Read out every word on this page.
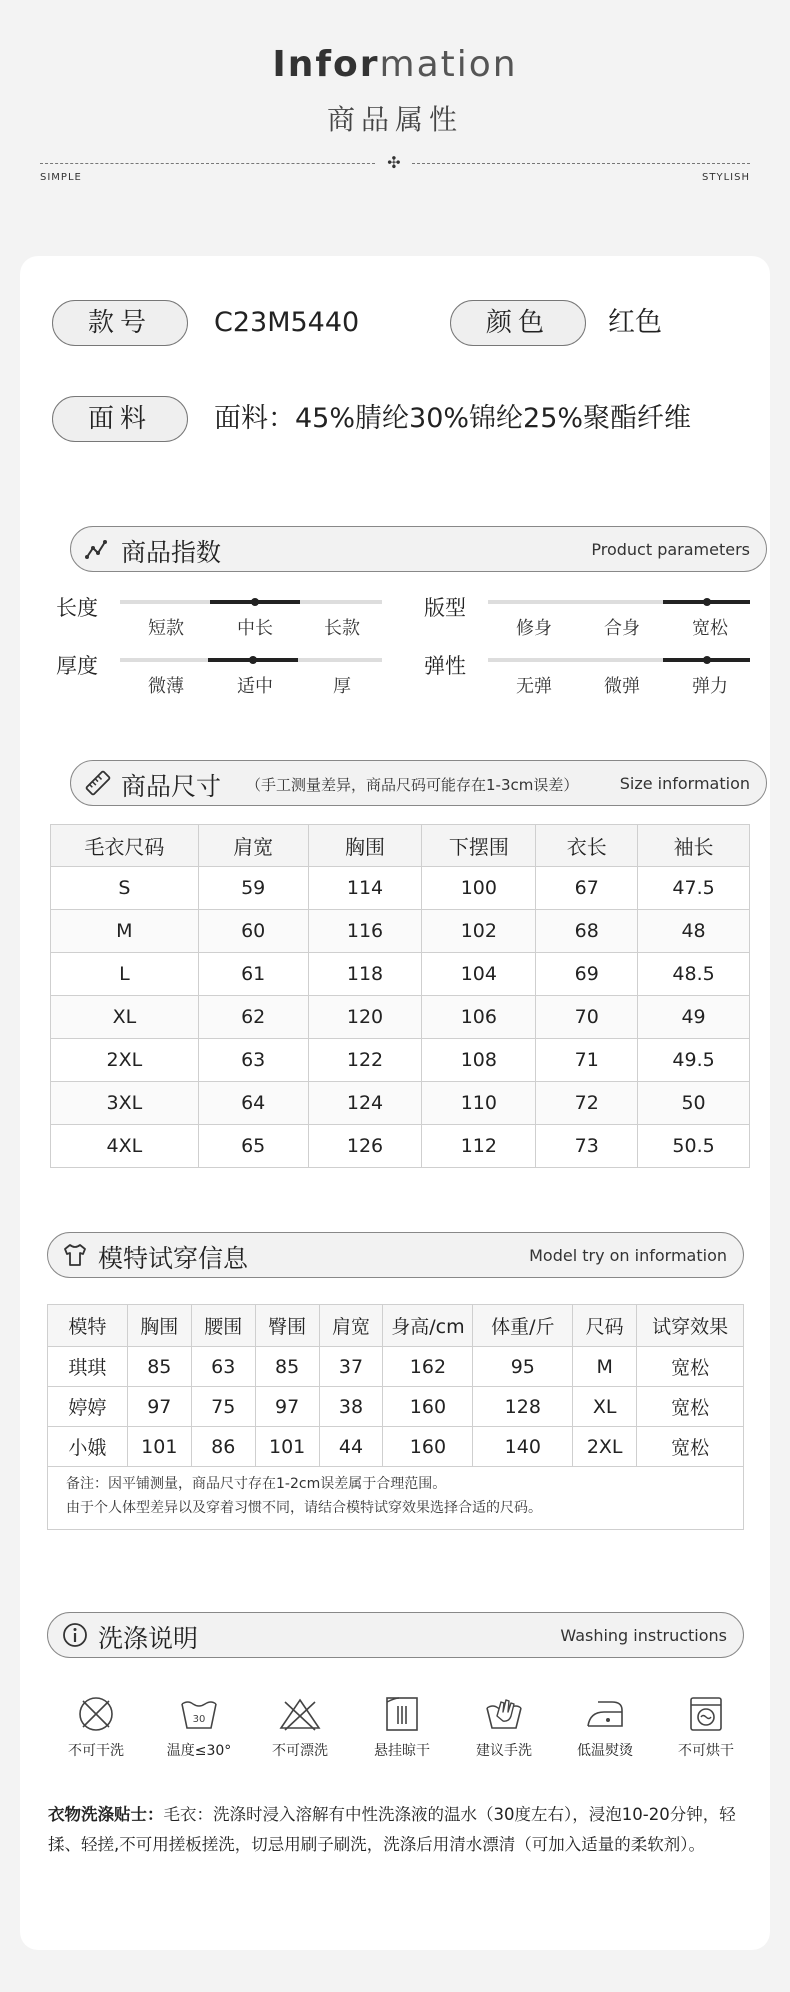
Information
商品属性
✣
SIMPLE	STYLISH
款号	C23M5440	颜色	红色
面料	面料：45%腈纶30%锦纶25%聚酯纤维
商品指数	Product parameters
长度
短款	中长	长款
版型
修身	合身	宽松
厚度
微薄	适中	厚
弹性
无弹	微弹	弹力
商品尺寸 （手工测量差异，商品尺码可能存在1-3cm误差）	Size information
毛衣尺码	肩宽	胸围	下摆围	衣长	袖长
S	59	114	100	67	47.5
M	60	116	102	68	48
L	61	118	104	69	48.5
XL	62	120	106	70	49
2XL	63	122	108	71	49.5
3XL	64	124	110	72	50
4XL	65	126	112	73	50.5
模特试穿信息	Model try on information
模特	胸围	腰围	臀围	肩宽	身高/cm	体重/斤	尺码	试穿效果
琪琪	85	63	85	37	162	95	M	宽松
婷婷	97	75	97	38	160	128	XL	宽松
小娥	101	86	101	44	160	140	2XL	宽松
备注：因平铺测量，商品尺寸存在1-2cm误差属于合理范围。
由于个人体型差异以及穿着习惯不同，请结合模特试穿效果选择合适的尺码。
洗涤说明	Washing instructions
不可干洗
30
温度≤30°	不可漂洗	悬挂晾干	建议手洗	低温熨烫	不可烘干
衣物洗涤贴士：毛衣：洗涤时浸入溶解有中性洗涤液的温水（30度左右），浸泡10-20分钟，轻揉、轻搓,不可用搓板搓洗，切忌用刷子刷洗，洗涤后用清水漂清（可加入适量的柔软剂）。
